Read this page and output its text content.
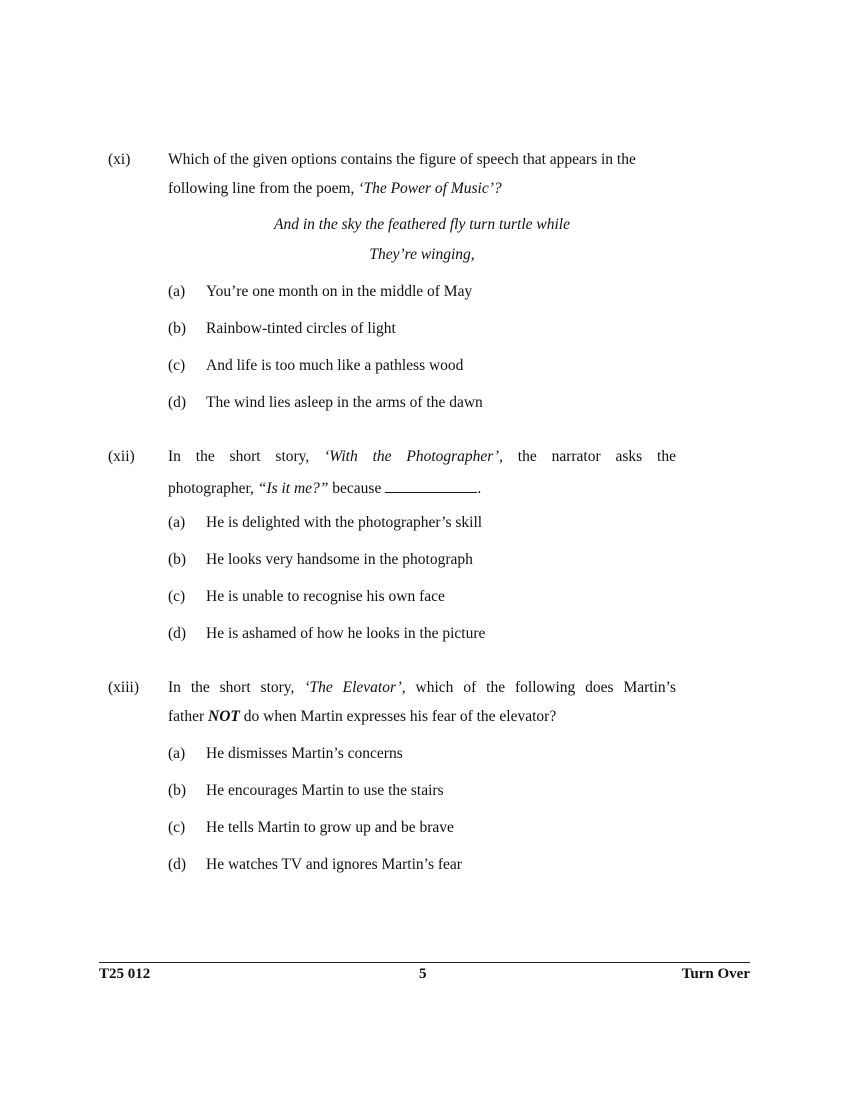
(xi) Which of the given options contains the figure of speech that appears in the
following line from the poem, ‘The Power of Music’?
And in the sky the feathered fly turn turtle while
They’re winging,
(a) You’re one month on in the middle of May
(b) Rainbow-tinted circles of light
(c) And life is too much like a pathless wood
(d) The wind lies asleep in the arms of the dawn
(xii) In the short story, ‘With the Photographer’, the narrator asks the
photographer, “Is it me?” because	.
(a) He is delighted with the photographer’s skill
(b) He looks very handsome in the photograph
(c) He is unable to recognise his own face
(d) He is ashamed of how he looks in the picture
(xiii) In the short story, ‘The Elevator’, which of the following does Martin’s
father NOT do when Martin expresses his fear of the elevator?
(a) He dismisses Martin’s concerns
(b) He encourages Martin to use the stairs
(c) He tells Martin to grow up and be brave
(d) He watches TV and ignores Martin’s fear
T25 012	5	Turn Over
